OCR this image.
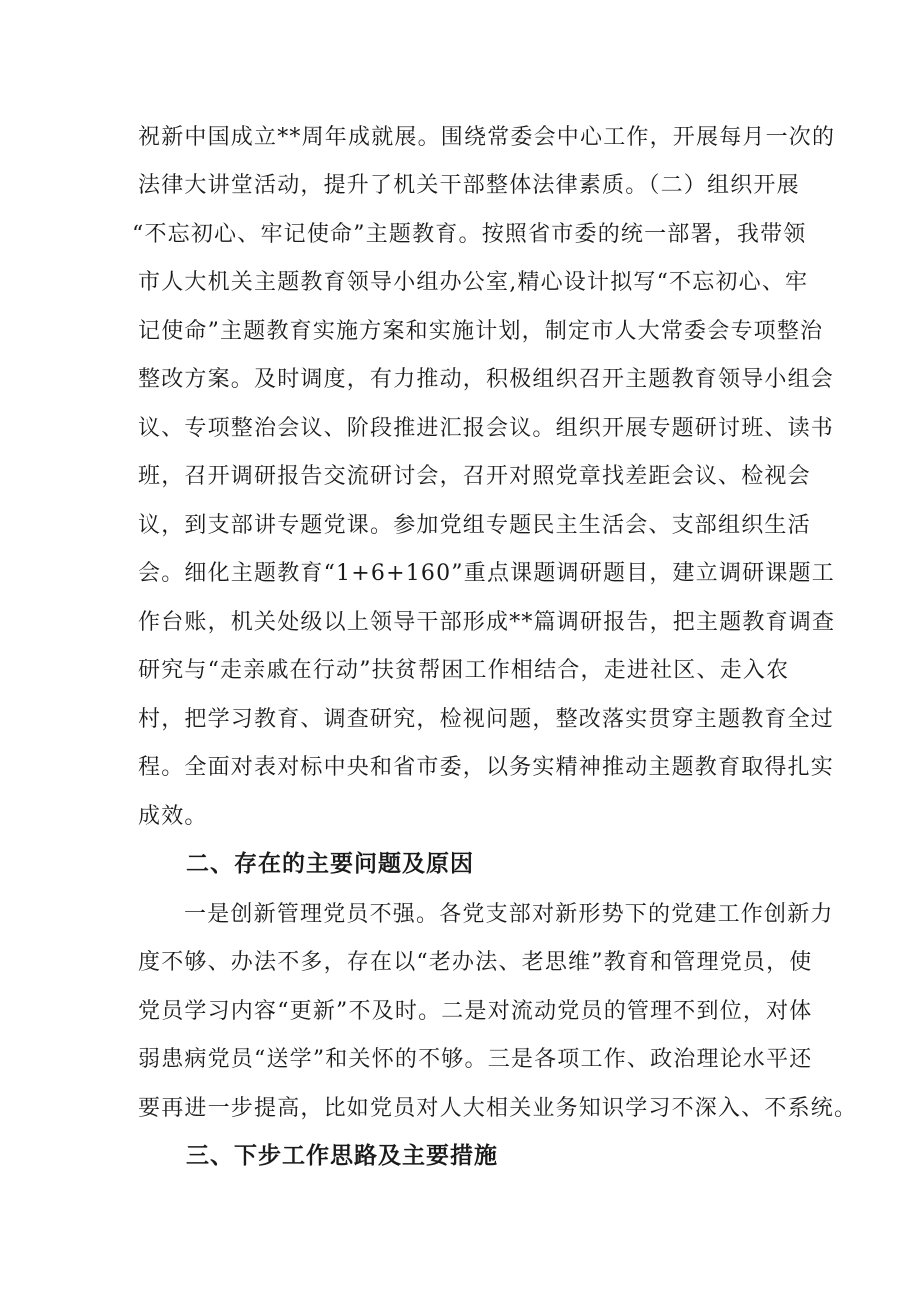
祝新中国成立**周年成就展。围绕常委会中心工作，开展每月一次的
法律大讲堂活动，提升了机关干部整体法律素质。（二）组织开展
“不忘初心、牢记使命”主题教育。按照省市委的统一部署，我带领
市人大机关主题教育领导小组办公室,精心设计拟写“不忘初心、牢
记使命”主题教育实施方案和实施计划，制定市人大常委会专项整治
整改方案。及时调度，有力推动，积极组织召开主题教育领导小组会
议、专项整治会议、阶段推进汇报会议。组织开展专题研讨班、读书
班，召开调研报告交流研讨会，召开对照党章找差距会议、检视会
议，到支部讲专题党课。参加党组专题民主生活会、支部组织生活
会。细化主题教育“1+6+160”重点课题调研题目，建立调研课题工
作台账，机关处级以上领导干部形成**篇调研报告，把主题教育调查
研究与“走亲戚在行动”扶贫帮困工作相结合，走进社区、走入农
村，把学习教育、调查研究，检视问题，整改落实贯穿主题教育全过
程。全面对表对标中央和省市委，以务实精神推动主题教育取得扎实
成效。
二、存在的主要问题及原因
一是创新管理党员不强。各党支部对新形势下的党建工作创新力
度不够、办法不多，存在以“老办法、老思维”教育和管理党员，使
党员学习内容“更新”不及时。二是对流动党员的管理不到位，对体
弱患病党员“送学”和关怀的不够。三是各项工作、政治理论水平还
要再进一步提高，比如党员对人大相关业务知识学习不深入、不系统。
三、下步工作思路及主要措施
